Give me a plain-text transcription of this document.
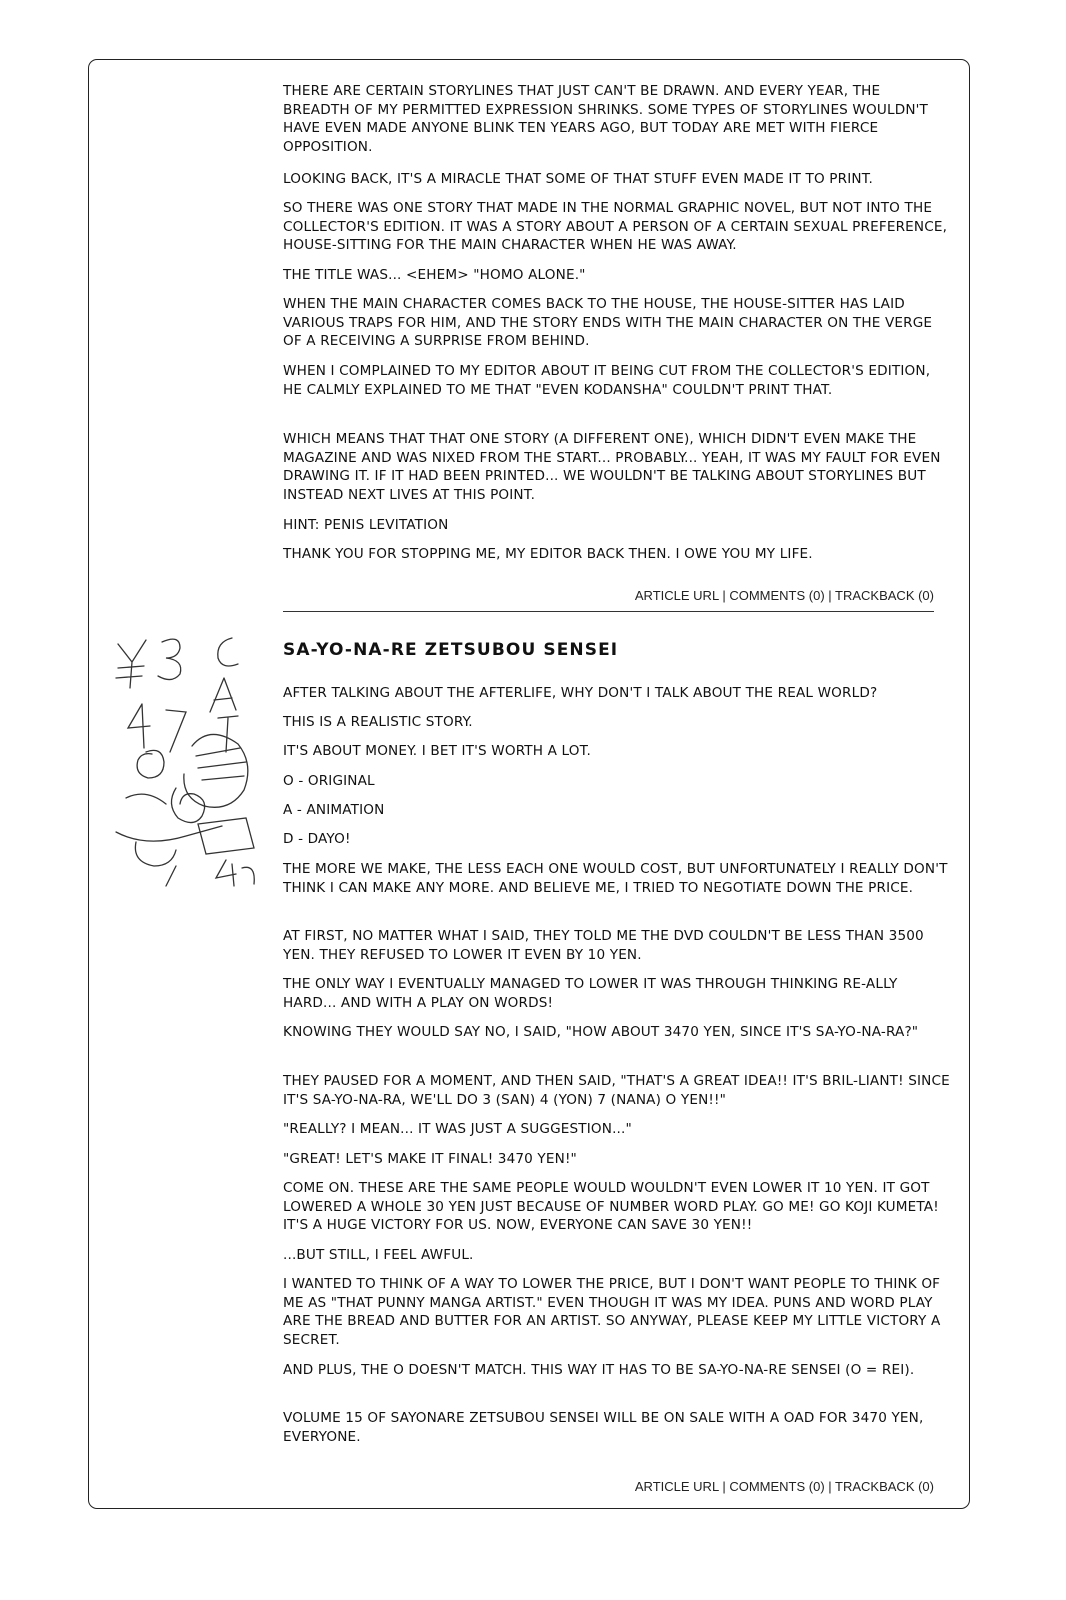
THERE ARE CERTAIN STORYLINES THAT JUST CAN'T BE DRAWN. AND EVERY YEAR, THE BREADTH OF MY PERMITTED EXPRESSION SHRINKS. SOME TYPES OF STORYLINES WOULDN'T HAVE EVEN MADE ANYONE BLINK TEN YEARS AGO, BUT TODAY ARE MET WITH FIERCE OPPOSITION.

LOOKING BACK, IT'S A MIRACLE THAT SOME OF THAT STUFF EVEN MADE IT TO PRINT.

SO THERE WAS ONE STORY THAT MADE IN THE NORMAL GRAPHIC NOVEL, BUT NOT INTO THE COLLECTOR'S EDITION. IT WAS A STORY ABOUT A PERSON OF A CERTAIN SEXUAL PREFERENCE, HOUSE-SITTING FOR THE MAIN CHARACTER WHEN HE WAS AWAY.

THE TITLE WAS... <EHEM> "HOMO ALONE."

WHEN THE MAIN CHARACTER COMES BACK TO THE HOUSE, THE HOUSE-SITTER HAS LAID VARIOUS TRAPS FOR HIM, AND THE STORY ENDS WITH THE MAIN CHARACTER ON THE VERGE OF A RECEIVING A SURPRISE FROM BEHIND.

WHEN I COMPLAINED TO MY EDITOR ABOUT IT BEING CUT FROM THE COLLECTOR'S EDITION, HE CALMLY EXPLAINED TO ME THAT "EVEN KODANSHA" COULDN'T PRINT THAT.

WHICH MEANS THAT THAT ONE STORY (A DIFFERENT ONE), WHICH DIDN'T EVEN MAKE THE MAGAZINE AND WAS NIXED FROM THE START... PROBABLY... YEAH, IT WAS MY FAULT FOR EVEN DRAWING IT. IF IT HAD BEEN PRINTED... WE WOULDN'T BE TALKING ABOUT STORYLINES BUT INSTEAD NEXT LIVES AT THIS POINT.

HINT: PENIS LEVITATION

THANK YOU FOR STOPPING ME, MY EDITOR BACK THEN. I OWE YOU MY LIFE.

ARTICLE URL | COMMENTS (0) | TRACKBACK (0)
SA-YO-NA-RE ZETSUBOU SENSEI

AFTER TALKING ABOUT THE AFTERLIFE, WHY DON'T I TALK ABOUT THE REAL WORLD?

THIS IS A REALISTIC STORY.

IT'S ABOUT MONEY. I BET IT'S WORTH A LOT.

O - ORIGINAL

A - ANIMATION

D - DAYO!

THE MORE WE MAKE, THE LESS EACH ONE WOULD COST, BUT UNFORTUNATELY I REALLY DON'T THINK I CAN MAKE ANY MORE. AND BELIEVE ME, I TRIED TO NEGOTIATE DOWN THE PRICE.

AT FIRST, NO MATTER WHAT I SAID, THEY TOLD ME THE DVD COULDN'T BE LESS THAN 3500 YEN. THEY REFUSED TO LOWER IT EVEN BY 10 YEN.

THE ONLY WAY I EVENTUALLY MANAGED TO LOWER IT WAS THROUGH THINKING RE-ALLY HARD... AND WITH A PLAY ON WORDS!

KNOWING THEY WOULD SAY NO, I SAID, "HOW ABOUT 3470 YEN, SINCE IT'S SA-YO-NA-RA?"

THEY PAUSED FOR A MOMENT, AND THEN SAID, "THAT'S A GREAT IDEA!! IT'S BRIL-LIANT! SINCE IT'S SA-YO-NA-RA, WE'LL DO 3 (SAN) 4 (YON) 7 (NANA) O YEN!!"

"REALLY? I MEAN... IT WAS JUST A SUGGESTION..."

"GREAT! LET'S MAKE IT FINAL! 3470 YEN!"

COME ON. THESE ARE THE SAME PEOPLE WOULD WOULDN'T EVEN LOWER IT 10 YEN. IT GOT LOWERED A WHOLE 30 YEN JUST BECAUSE OF NUMBER WORD PLAY. GO ME! GO KOJI KUMETA! IT'S A HUGE VICTORY FOR US. NOW, EVERYONE CAN SAVE 30 YEN!!

...BUT STILL, I FEEL AWFUL.

I WANTED TO THINK OF A WAY TO LOWER THE PRICE, BUT I DON'T WANT PEOPLE TO THINK OF ME AS "THAT PUNNY MANGA ARTIST." EVEN THOUGH IT WAS MY IDEA. PUNS AND WORD PLAY ARE THE BREAD AND BUTTER FOR AN ARTIST. SO ANYWAY, PLEASE KEEP MY LITTLE VICTORY A SECRET.

AND PLUS, THE O DOESN'T MATCH. THIS WAY IT HAS TO BE SA-YO-NA-RE SENSEI (O = REI).

VOLUME 15 OF SAYONARE ZETSUBOU SENSEI WILL BE ON SALE WITH A OAD FOR 3470 YEN, EVERYONE.

ARTICLE URL | COMMENTS (0) | TRACKBACK (0)
